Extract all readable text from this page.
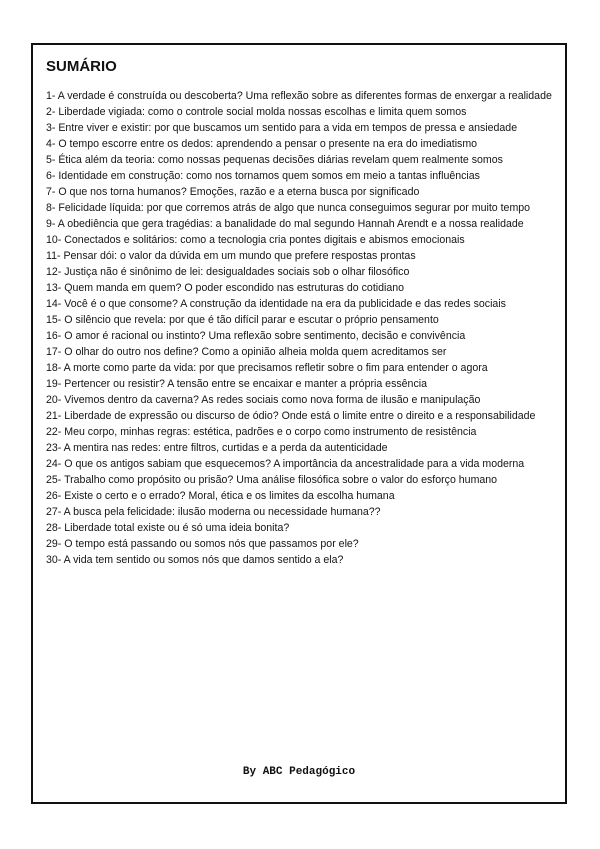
SUMÁRIO
1- A verdade é construída ou descoberta? Uma reflexão sobre as diferentes formas de enxergar a realidade
2- Liberdade vigiada: como o controle social molda nossas escolhas e limita quem somos
3- Entre viver e existir: por que buscamos um sentido para a vida em tempos de pressa e ansiedade
4- O tempo escorre entre os dedos: aprendendo a pensar o presente na era do imediatismo
5- Ética além da teoria: como nossas pequenas decisões diárias revelam quem realmente somos
6- Identidade em construção: como nos tornamos quem somos em meio a tantas influências
7- O que nos torna humanos? Emoções, razão e a eterna busca por significado
8- Felicidade líquida: por que corremos atrás de algo que nunca conseguimos segurar por muito tempo
9- A obediência que gera tragédias: a banalidade do mal segundo Hannah Arendt e a nossa realidade
10- Conectados e solitários: como a tecnologia cria pontes digitais e abismos emocionais
11- Pensar dói: o valor da dúvida em um mundo que prefere respostas prontas
12- Justiça não é sinônimo de lei: desigualdades sociais sob o olhar filosófico
13- Quem manda em quem? O poder escondido nas estruturas do cotidiano
14- Você é o que consome? A construção da identidade na era da publicidade e das redes sociais
15- O silêncio que revela: por que é tão difícil parar e escutar o próprio pensamento
16- O amor é racional ou instinto? Uma reflexão sobre sentimento, decisão e convivência
17- O olhar do outro nos define? Como a opinião alheia molda quem acreditamos ser
18- A morte como parte da vida: por que precisamos refletir sobre o fim para entender o agora
19- Pertencer ou resistir? A tensão entre se encaixar e manter a própria essência
20- Vivemos dentro da caverna? As redes sociais como nova forma de ilusão e manipulação
21- Liberdade de expressão ou discurso de ódio? Onde está o limite entre o direito e a responsabilidade
22- Meu corpo, minhas regras: estética, padrões e o corpo como instrumento de resistência
23- A mentira nas redes: entre filtros, curtidas e a perda da autenticidade
24- O que os antigos sabiam que esquecemos? A importância da ancestralidade para a vida moderna
25- Trabalho como propósito ou prisão? Uma análise filosófica sobre o valor do esforço humano
26- Existe o certo e o errado? Moral, ética e os limites da escolha humana
27- A busca pela felicidade: ilusão moderna ou necessidade humana??
28- Liberdade total existe ou é só uma ideia bonita?
29- O tempo está passando ou somos nós que passamos por ele?
30- A vida tem sentido ou somos nós que damos sentido a ela?

By ABC Pedagógico
